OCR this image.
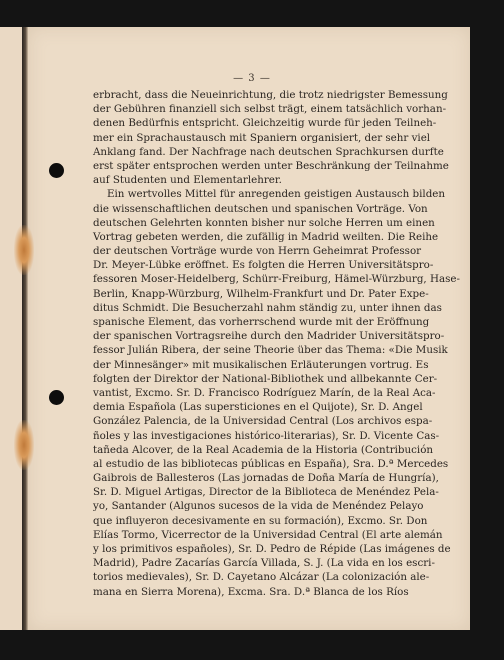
— 3 —

erbracht, dass die Neueinrichtung, die trotz niedrigster Bemessung
der Gebühren finanziell sich selbst trägt, einem tatsächlich vorhan-
denen Bedürfnis entspricht. Gleichzeitig wurde für jeden Teilneh-
mer ein Sprachaustausch mit Spaniern organisiert, der sehr viel
Anklang fand. Der Nachfrage nach deutschen Sprachkursen durfte
erst später entsprochen werden unter Beschränkung der Teilnahme
auf Studenten und Elementarlehrer.

Ein wertvolles Mittel für anregenden geistigen Austausch bilden
die wissenschaftlichen deutschen und spanischen Vorträge. Von
deutschen Gelehrten konnten bisher nur solche Herren um einen
Vortrag gebeten werden, die zufällig in Madrid weilten. Die Reihe
der deutschen Vorträge wurde von Herrn Geheimrat Professor
Dr. Meyer-Lübke eröffnet. Es folgten die Herren Universitätspro-
fessoren Moser-Heidelberg, Schürr-Freiburg, Hämel-Würzburg, Hase-
Berlin, Knapp-Würzburg, Wilhelm-Frankfurt und Dr. Pater Expe-
ditus Schmidt. Die Besucherzahl nahm ständig zu, unter ihnen das
spanische Element, das vorherrschend wurde mit der Eröffnung
der spanischen Vortragsreihe durch den Madrider Universitätspro-
fessor Julián Ribera, der seine Theorie über das Thema: «Die Musik
der Minnesänger» mit musikalischen Erläuterungen vortrug. Es
folgten der Direktor der National-Bibliothek und allbekannte Cer-
vantist, Excmo. Sr. D. Francisco Rodríguez Marín, de la Real Aca-
demia Española (Las supersticiones en el Quijote), Sr. D. Angel
González Palencia, de la Universidad Central (Los archivos espa-
ñoles y las investigaciones histórico-literarias), Sr. D. Vicente Cas-
tañeda Alcover, de la Real Academia de la Historia (Contribución
al estudio de las bibliotecas públicas en España), Sra. D.ª Mercedes
Gaibrois de Ballesteros (Las jornadas de Doña María de Hungría),
Sr. D. Miguel Artigas, Director de la Biblioteca de Menéndez Pela-
yo, Santander (Algunos sucesos de la vida de Menéndez Pelayo
que influyeron decesivamente en su formación), Excmo. Sr. Don
Elías Tormo, Vicerrector de la Universidad Central (El arte alemán
y los primitivos españoles), Sr. D. Pedro de Répide (Las imágenes de
Madrid), Padre Zacarías García Villada, S. J. (La vida en los escri-
torios medievales), Sr. D. Cayetano Alcázar (La colonización ale-
mana en Sierra Morena), Excma. Sra. D.ª Blanca de los Ríos
